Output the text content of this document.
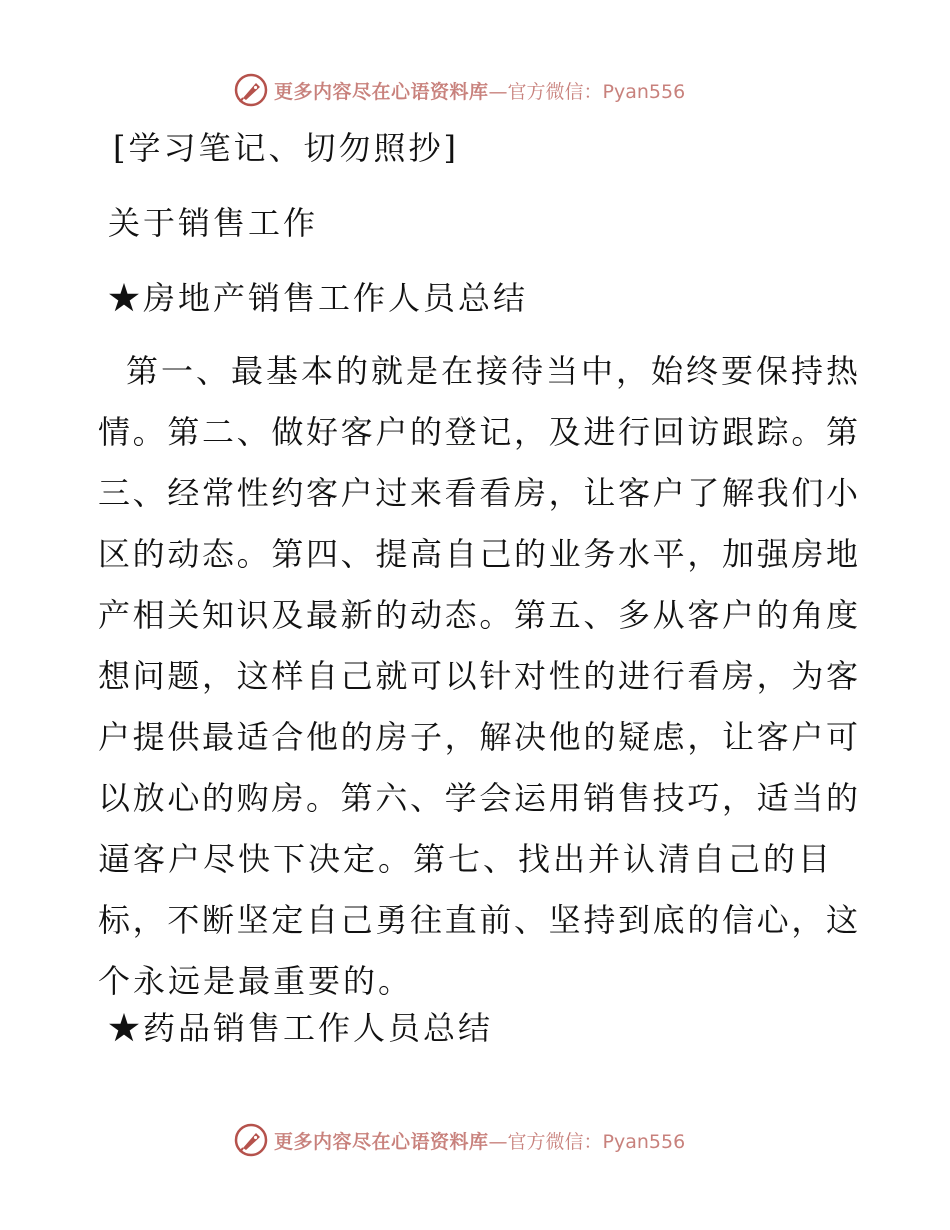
更多内容尽在心语资料库 —官方微信：Pyan556
[学习笔记、切勿照抄]
关于销售工作
★房地产销售工作人员总结
第一、最基本的就是在接待当中，始终要保持热
情。第二、做好客户的登记，及进行回访跟踪。第
三、经常性约客户过来看看房，让客户了解我们小
区的动态。第四、提高自己的业务水平，加强房地
产相关知识及最新的动态。第五、多从客户的角度
想问题，这样自己就可以针对性的进行看房，为客
户提供最适合他的房子，解决他的疑虑，让客户可
以放心的购房。第六、学会运用销售技巧，适当的
逼客户尽快下决定。第七、找出并认清自己的目
标，不断坚定自己勇往直前、坚持到底的信心，这
个永远是最重要的。
★药品销售工作人员总结
更多内容尽在心语资料库 —官方微信：Pyan556
